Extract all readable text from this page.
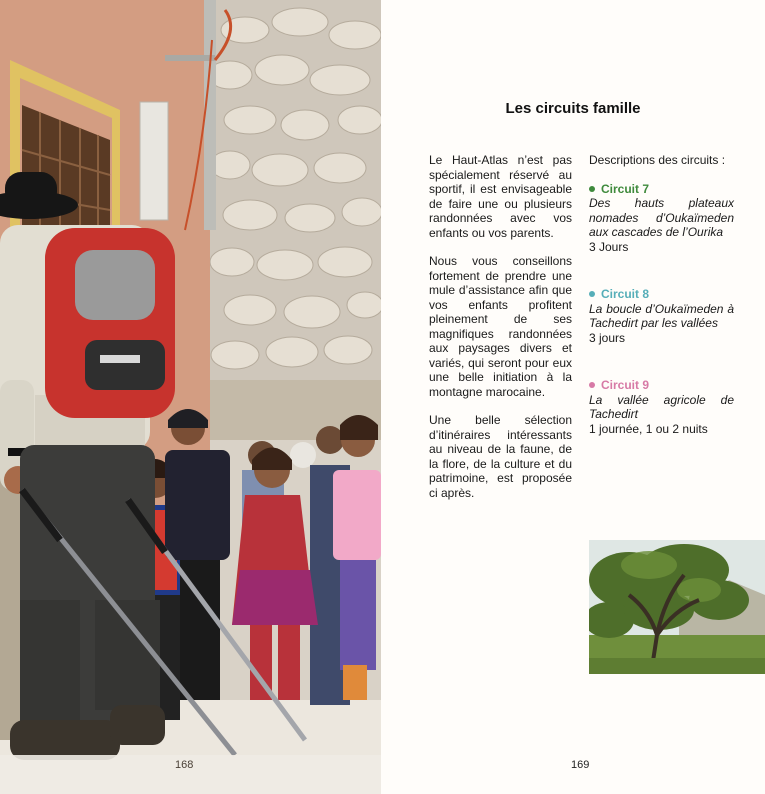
168
Les circuits famille

Le Haut-Atlas n’est pas spécialement réservé au sportif, il est envisageable de faire une ou plusieurs randonnées avec vos enfants ou vos parents.

Nous vous conseillons fortement de prendre une mule d’assistance afin que vos enfants profitent pleinement de ses magnifiques randonnées aux paysages divers et variés, qui seront pour eux une belle initiation à la montagne marocaine.

Une belle sélection d’itinéraires intéressants au niveau de la faune, de la flore, de la culture et du patrimoine, est proposée ci après.

Descriptions des circuits :
Circuit 7
Des hauts plateaux nomades d’Oukaïmeden aux cascades de l’Ourika
3 Jours
Circuit 8
La boucle d’Oukaïmeden à Tachedirt par les vallées
3 jours
Circuit 9
La vallée agricole de Tachedirt
1 journée, 1 ou 2 nuits
169
